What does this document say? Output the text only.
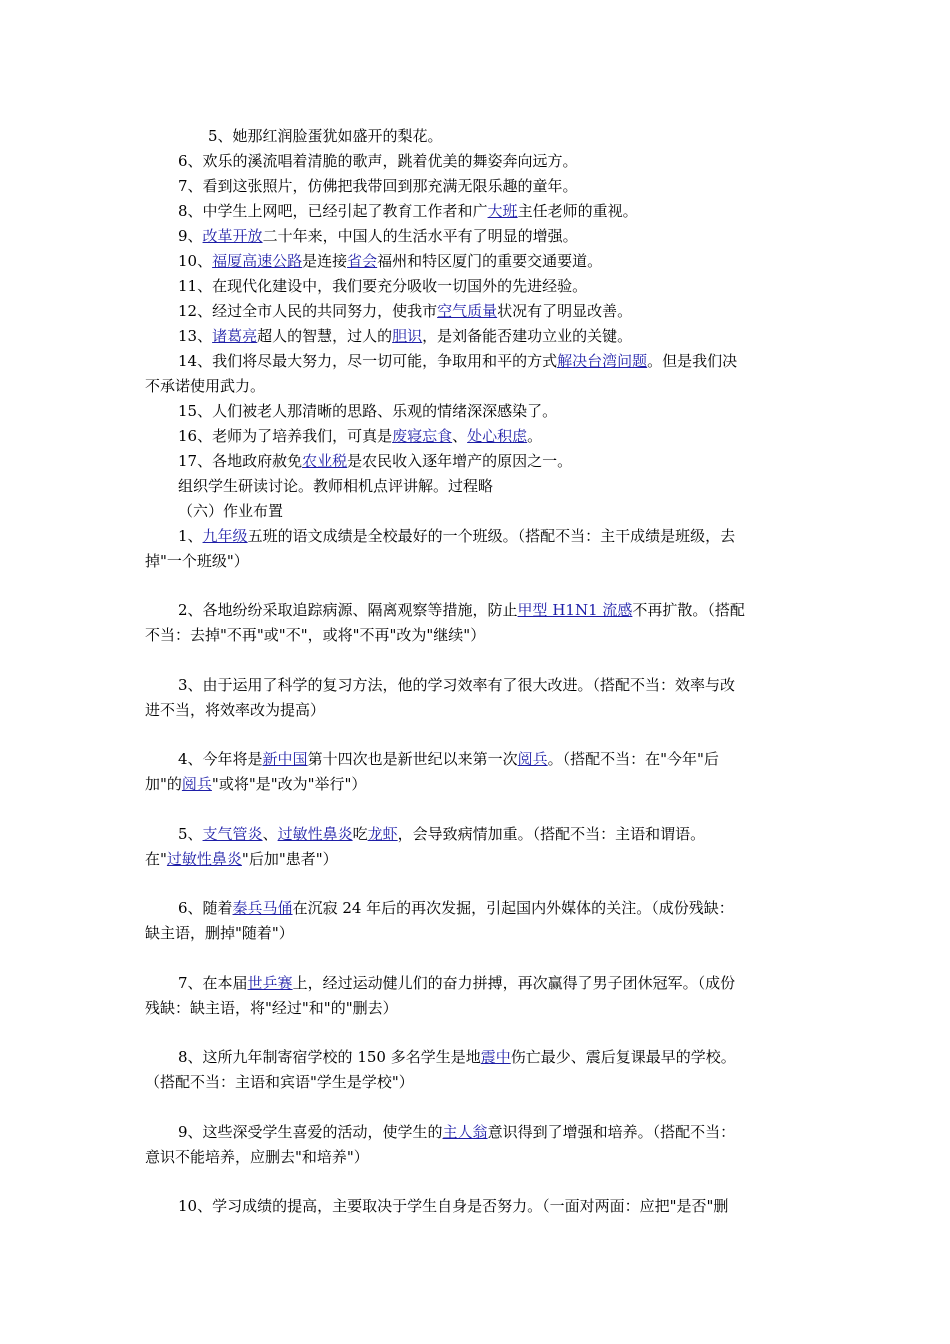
5、她那红润脸蛋犹如盛开的梨花。
6、欢乐的溪流唱着清脆的歌声，跳着优美的舞姿奔向远方。
7、看到这张照片，仿佛把我带回到那充满无限乐趣的童年。
8、中学生上网吧，已经引起了教育工作者和广大班主任老师的重视。
9、改革开放二十年来，中国人的生活水平有了明显的增强。
10、福厦高速公路是连接省会福州和特区厦门的重要交通要道。
11、在现代化建设中，我们要充分吸收一切国外的先进经验。
12、经过全市人民的共同努力，使我市空气质量状况有了明显改善。
13、诸葛亮超人的智慧，过人的胆识，是刘备能否建功立业的关键。
14、我们将尽最大努力，尽一切可能，争取用和平的方式解决台湾问题。但是我们决
不承诺使用武力。
15、人们被老人那清晰的思路、乐观的情绪深深感染了。
16、老师为了培养我们，可真是废寝忘食、处心积虑。
17、各地政府赦免农业税是农民收入逐年增产的原因之一。
组织学生研读讨论。教师相机点评讲解。过程略
（六）作业布置
1、九年级五班的语文成绩是全校最好的一个班级。（搭配不当：主干成绩是班级，去
掉"一个班级"）
2、各地纷纷采取追踪病源、隔离观察等措施，防止甲型 H1N1 流感不再扩散。（搭配
不当：去掉"不再"或"不"，或将"不再"改为"继续"）
3、由于运用了科学的复习方法，他的学习效率有了很大改进。（搭配不当：效率与改
进不当，将效率改为提高）
4、今年将是新中国第十四次也是新世纪以来第一次阅兵。（搭配不当：在"今年"后
加"的阅兵"或将"是"改为"举行"）
5、支气管炎、过敏性鼻炎吃龙虾，会导致病情加重。（搭配不当：主语和谓语。
在"过敏性鼻炎"后加"患者"）
6、随着秦兵马俑在沉寂 24 年后的再次发掘，引起国内外媒体的关注。（成份残缺：
缺主语，删掉"随着"）
7、在本届世乒赛上，经过运动健儿们的奋力拼搏，再次赢得了男子团休冠军。（成份
残缺：缺主语，将"经过"和"的"删去）
8、这所九年制寄宿学校的 150 多名学生是地震中伤亡最少、震后复课最早的学校。
（搭配不当：主语和宾语"学生是学校"）
9、这些深受学生喜爱的活动，使学生的主人翁意识得到了增强和培养。（搭配不当：
意识不能培养，应删去"和培养"）
10、学习成绩的提高，主要取决于学生自身是否努力。（一面对两面：应把"是否"删
